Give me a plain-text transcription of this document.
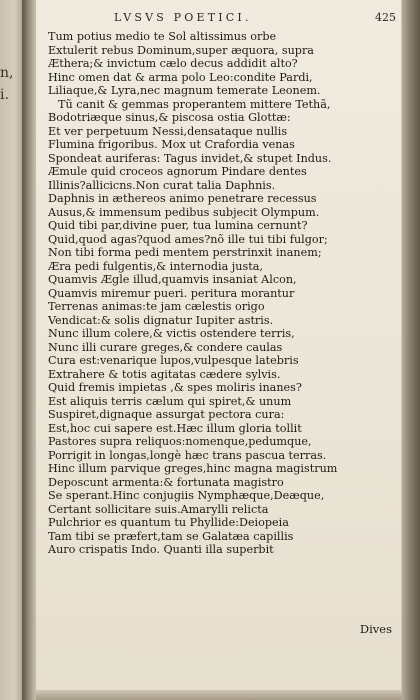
n,
i.
LVSVS POETICI.	425
Tum potius medio te Sol altissimus orbe
Extulerit rebus Dominum,super æquora, supra
Æthera;& invictum cælo decus addidit alto?
Hinc omen dat & arma polo Leo:condite Pardi,
Liliaque,& Lyra,nec magnum temerate Leonem.
Tũ canit & gemmas properantem mittere Tethã,
Bodotriæque sinus,& piscosa ostia Glottæ:
Et ver perpetuum Nessi,densataque nullis
Flumina frigoribus. Mox ut Crafordia venas
Spondeat auriferas: Tagus invidet,& stupet Indus.
Æmule quid croceos agnorum Pindare dentes
Illinis?allicicns.Non curat talia Daphnis.
Daphnis in æthereos animo penetrare recessus
Ausus,& immensum pedibus subjecit Olympum.
Quid tibi par,divine puer, tua lumina cernunt?
Quid,quod agas?quod ames?nõ ille tui tibi fulgor;
Non tibi forma pedi mentem perstrinxit inanem;
Æra pedi fulgentis,& internodia justa,
Quamvis Ægle illud,quamvis insaniat Alcon,
Quamvis miremur pueri. peritura morantur
Terrenas animas:te jam cælestis origo
Vendicat:& solis dignatur Iupiter astris.
Nunc illum colere,& victis ostendere terris,
Nunc illi curare greges,& condere caulas
Cura est:venarique lupos,vulpesque latebris
Extrahere & totis agitatas cædere sylvis.
Quid fremis impietas ,& spes moliris inanes?
Est aliquis terris cælum qui spiret,& unum
Suspiret,dignaque assurgat pectora cura:
Est,hoc cui sapere est.Hæc illum gloria tollit
Pastores supra reliquos:nomenque,pedumque,
Porrigit in longas,longè hæc trans pascua terras.
Hinc illum parvique greges,hinc magna magistrum
Deposcunt armenta:& fortunata magistro
Se sperant.Hinc conjugiis Nymphæque,Deæque,
Certant sollicitare suis.Amarylli relicta
Pulchrior es quantum tu Phyllide:Deiopeia
Tam tibi se præfert,tam se Galatæa capillis
Auro crispatis Indo. Quanti illa superbit
Dives
